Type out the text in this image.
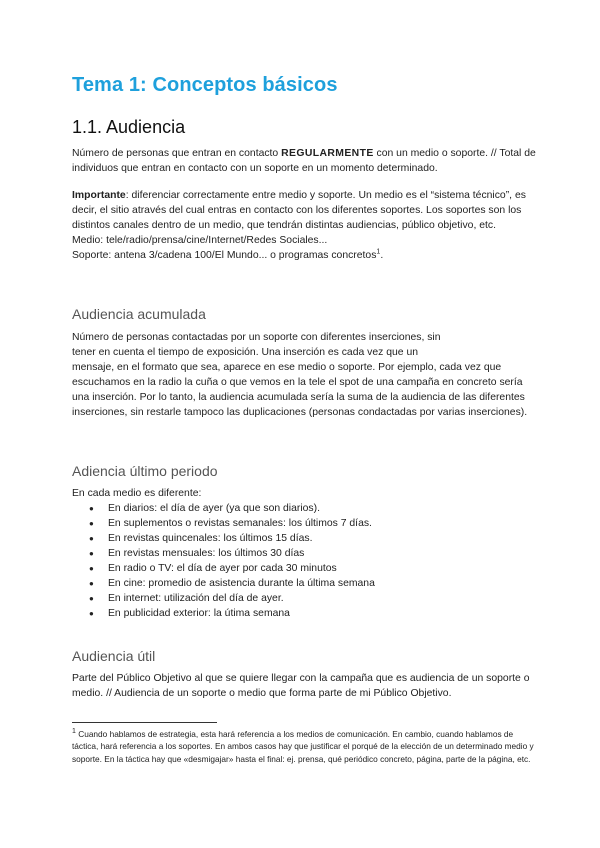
Tema 1: Conceptos básicos
1.1. Audiencia
Número de personas que entran en contacto REGULARMENTE con un medio o soporte. // Total de individuos que entran en contacto con un soporte en un momento determinado.

Importante: diferenciar correctamente entre medio y soporte. Un medio es el “sistema técnico”, es decir, el sitio através del cual entras en contacto con los diferentes soportes. Los soportes son los distintos canales dentro de un medio, que tendrán distintas audiencias, público objetivo, etc.

Medio: tele/radio/prensa/cine/Internet/Redes Sociales...

Soporte: antena 3/cadena 100/El Mundo... o programas concretos$^1$.

Audiencia acumulada

Número de personas contactadas por un soporte con diferentes inserciones, sin

tener en cuenta el tiempo de exposición. Una inserción es cada vez que un

mensaje, en el formato que sea, aparece en ese medio o soporte. Por ejemplo, cada vez que escuchamos en la radio la cuña o que vemos en la tele el spot de una campaña en concreto sería una inserción. Por lo tanto, la audiencia acumulada sería la suma de la audiencia de las diferentes inserciones, sin restarle tampoco las duplicaciones (personas condactadas por varias inserciones).

Adiencia último periodo

En cada medio es diferente:

● En diarios: el día de ayer (ya que son diarios).
● En suplementos o revistas semanales: los últimos 7 días.
● En revistas quincenales: los últimos 15 días.
● En revistas mensuales: los últimos 30 días
● En radio o TV: el día de ayer por cada 30 minutos
● En cine: promedio de asistencia durante la última semana
● En internet: utilización del día de ayer.
● En publicidad exterior: la útima semana
Audiencia útil
Parte del Público Objetivo al que se quiere llegar con la campaña que es audiencia de un soporte o medio. // Audiencia de un soporte o medio que forma parte de mi Público Objetivo.
$^1$ Cuando hablamos de estrategia, esta hará referencia a los medios de comunicación. En cambio, cuando hablamos de táctica, hará referencia a los soportes. En ambos casos hay que justificar el porqué de la elección de un determinado medio y soporte. En la táctica hay que «desmigajar» hasta el final: ej. prensa, qué periódico concreto, página, parte de la página, etc.
